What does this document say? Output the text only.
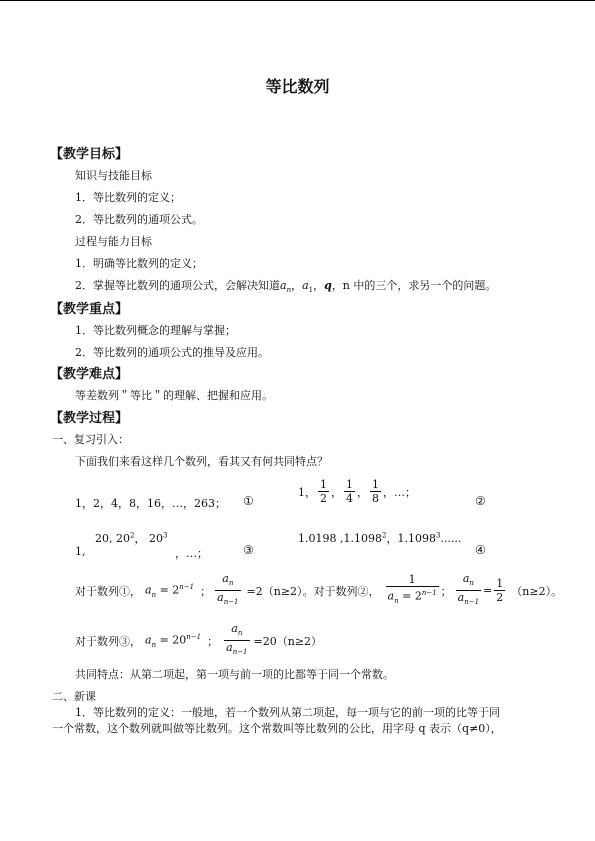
等比数列
【教学目标】
知识与技能目标
1．等比数列的定义；
2．等比数列的通项公式。
过程与能力目标
1．明确等比数列的定义；
2．掌握等比数列的通项公式，会解决知道$a_n$，$a_1$，q，n 中的三个，求另一个的问题。
【教学重点】
1．等比数列概念的理解与掌握；
2．等比数列的通项公式的推导及应用。
【教学难点】
等差数列＂等比＂的理解、把握和应用。
【教学过程】
一、复习引入：
下面我们来看这样几个数列，看其又有何共同特点？
1，2，4，8，16，…，263； ①
1， $\frac{1}{2}$ ， $\frac{1}{4}$ ， $\frac{1}{8}$ ，…；
②
20, $20^2$， $20^3$
1,	，…；	③
1.0198 ,1.1098$^2$，1.1098$^3$......
④
对于数列①， $a_n = 2^{n-1}$ ； $\frac{a_n}{a_{n-1}} =2(n\ge 2)$。对于数列②， $\frac{1}{a_n = 2^{n-1}}$ ； $\frac{a_n}{a_{n-1}} = \frac{1}{2} (n\ge 2)$。
对于数列③， $a_n = 20^{n-1}$ ； $\frac{a_n}{a_{n-1}} =20(n\ge 2)$
共同特点：从第二项起，第一项与前一项的比都等于同一个常数。
二、新课
1．等比数列的定义：一般地，若一个数列从第二项起，每一项与它的前一项的比等于同
一个常数，这个数列就叫做等比数列。这个常数叫等比数列的公比，用字母 q 表示（q≠0），
